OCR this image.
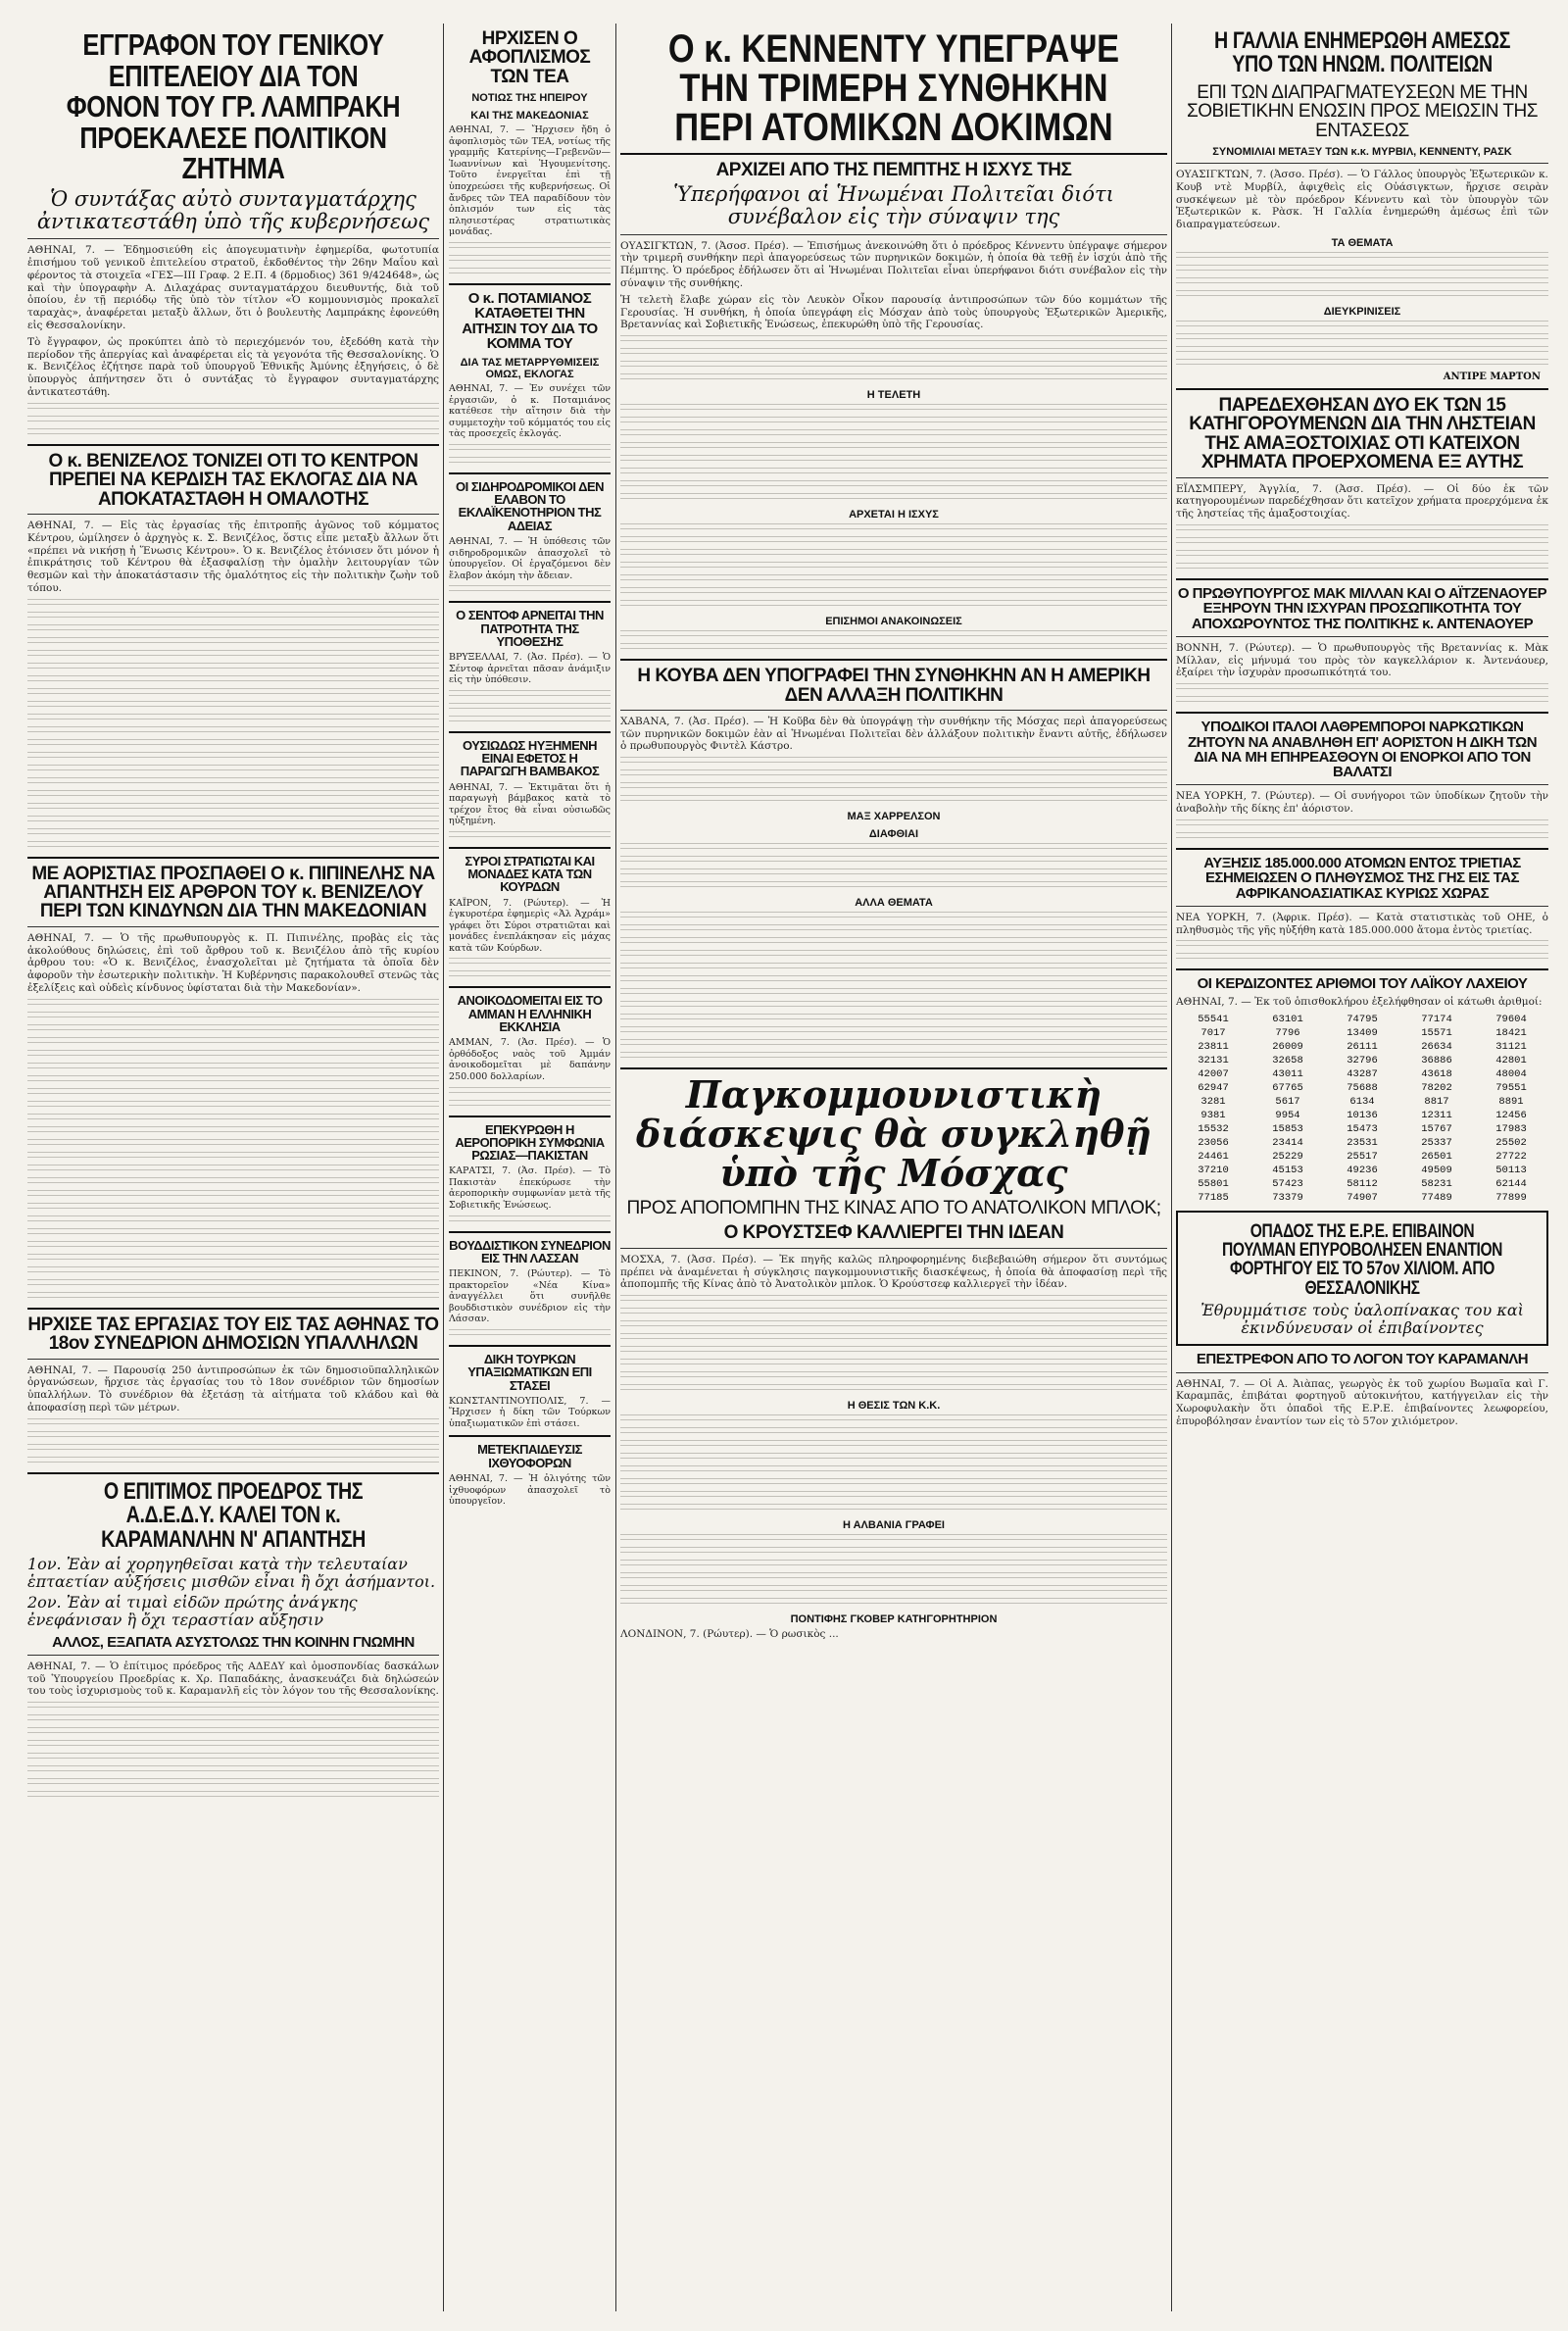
ΕΓΓΡΑΦΟΝ ΤΟΥ ΓΕΝΙΚΟΥ ΕΠΙΤΕΛΕΙΟΥ ΔΙΑ ΤΟΝ ΦΟΝΟΝ ΤΟΥ ΓΡ. ΛΑΜΠΡΑΚΗ ΠΡΟΕΚΑΛΕΣΕ ΠΟΛΙΤΙΚΟΝ ΖΗΤΗΜΑ
Ὁ συντάξας αὐτὸ συνταγματάρχης ἀντικατεστάθη ὑπὸ τῆς κυβερνήσεως

ΑΘΗΝΑΙ, 7. — Ἐδημοσιεύθη εἰς ἀπογευματινὴν ἐφημερίδα, φωτοτυπία ἐπισήμου τοῦ γενικοῦ ἐπιτελείου στρατοῦ, ἐκδοθέντος τὴν 26ην Μαΐου καὶ φέροντος τὰ στοιχεῖα «ΓΕΣ—ΙΙΙ Γραφ. 2 Ε.Π. 4 (δρμοδιος) 361 9/424648», ὡς καὶ τὴν ὑπογραφὴν Α. Διλαχάρας συνταγματάρχου διευθυντής, διὰ τοῦ ὁποίου, ἐν τῇ περιόδῳ τῆς ὑπὸ τὸν τίτλον «Ὁ κομμουνισμὸς προκαλεῖ ταραχὰς», ἀναφέρεται μεταξὺ ἄλλων, ὅτι ὁ βουλευτὴς Λαμπράκης ἐφονεύθη εἰς Θεσσαλονίκην.

Τὸ ἔγγραφον, ὡς προκύπτει ἀπὸ τὸ περιεχόμενόν του, ἐξεδόθη κατὰ τὴν περίοδον τῆς ἀπεργίας καὶ ἀναφέρεται εἰς τὰ γεγονότα τῆς Θεσσαλονίκης. Ὁ κ. Βενιζέλος ἐζήτησε παρὰ τοῦ ὑπουργοῦ Ἐθνικῆς Ἀμύνης ἐξηγήσεις, ὁ δὲ ὑπουργὸς ἀπήντησεν ὅτι ὁ συντάξας τὸ ἔγγραφον συνταγματάρχης ἀντικατεστάθη.

Ο κ. ΒΕΝΙΖΕΛΟΣ ΤΟΝΙΖΕΙ ΟΤΙ ΤΟ ΚΕΝΤΡΟΝ ΠΡΕΠΕΙ ΝΑ ΚΕΡΔΙΣΗ ΤΑΣ ΕΚΛΟΓΑΣ ΔΙΑ ΝΑ ΑΠΟΚΑΤΑΣΤΑΘΗ Η ΟΜΑΛΟΤΗΣ

ΑΘΗΝΑΙ, 7. — Εἰς τὰς ἐργασίας τῆς ἐπιτροπῆς ἀγῶνος τοῦ κόμματος Κέντρου, ὡμίλησεν ὁ ἀρχηγὸς κ. Σ. Βενιζέλος, ὅστις εἶπε μεταξὺ ἄλλων ὅτι «πρέπει νὰ νικήσῃ ἡ Ἕνωσις Κέντρου». Ὁ κ. Βενιζέλος ἐτόνισεν ὅτι μόνον ἡ ἐπικράτησις τοῦ Κέντρου θὰ ἐξασφαλίσῃ τὴν ὁμαλὴν λειτουργίαν τῶν θεσμῶν καὶ τὴν ἀποκατάστασιν τῆς ὁμαλότητος εἰς τὴν πολιτικὴν ζωὴν τοῦ τόπου.

ΜΕ ΑΟΡΙΣΤΙΑΣ ΠΡΟΣΠΑΘΕΙ Ο κ. ΠΙΠΙΝΕΛΗΣ ΝΑ ΑΠΑΝΤΗΣΗ ΕΙΣ ΑΡΘΡΟΝ ΤΟΥ κ. ΒΕΝΙΖΕΛΟΥ ΠΕΡΙ ΤΩΝ ΚΙΝΔΥΝΩΝ ΔΙΑ ΤΗΝ ΜΑΚΕΔΟΝΙΑΝ

ΑΘΗΝΑΙ, 7. — Ὁ τῆς πρωθυπουργὸς κ. Π. Πιπινέλης, προβὰς εἰς τὰς ἀκολούθους δηλώσεις, ἐπὶ τοῦ ἄρθρου τοῦ κ. Βενιζέλου ἀπὸ τῆς κυρίου ἀρθρου του: «Ὁ κ. Βενιζέλος, ἐνασχολεῖται μὲ ζητήματα τὰ ὁποῖα δὲν ἀφοροῦν τὴν ἐσωτερικὴν πολιτικὴν. Ἡ Κυβέρνησις παρακολουθεῖ στενῶς τὰς ἐξελίξεις καὶ οὐδεὶς κίνδυνος ὑφίσταται διὰ τὴν Μακεδονίαν».

ΗΡΧΙΣΕ ΤΑΣ ΕΡΓΑΣΙΑΣ ΤΟΥ ΕΙΣ ΤΑΣ ΑΘΗΝΑΣ ΤΟ 18ον ΣΥΝΕΔΡΙΟΝ ΔΗΜΟΣΙΩΝ ΥΠΑΛΛΗΛΩΝ

ΑΘΗΝΑΙ, 7. — Παρουσίᾳ 250 ἀντιπροσώπων ἐκ τῶν δημοσιοϋπαλληλικῶν ὀργανώσεων, ἤρχισε τὰς ἐργασίας του τὸ 18ον συνέδριον τῶν δημοσίων ὑπαλλήλων. Τὸ συνέδριον θὰ ἐξετάσῃ τὰ αἰτήματα τοῦ κλάδου καὶ θὰ ἀποφασίσῃ περὶ τῶν μέτρων.

Ο ΕΠΙΤΙΜΟΣ ΠΡΟΕΔΡΟΣ ΤΗΣ Α.Δ.Ε.Δ.Υ. ΚΑΛΕΙ ΤΟΝ κ. ΚΑΡΑΜΑΝΛΗΝ Ν' ΑΠΑΝΤΗΣΗ
1ον. Ἐὰν αἱ χορηγηθεῖσαι κατὰ τὴν τελευταίαν ἑπταετίαν αὐξήσεις μισθῶν εἶναι ἢ ὄχι ἀσήμαντοι.
2ον. Ἐὰν αἱ τιμαὶ εἰδῶν πρώτης ἀνάγκης ἐνεφάνισαν ἢ ὄχι τεραστίαν αὔξησιν
ΑΛΛΟΣ, ΕΞΑΠΑΤΑ ΑΣΥΣΤΟΛΩΣ ΤΗΝ ΚΟΙΝΗΝ ΓΝΩΜΗΝ

ΑΘΗΝΑΙ, 7. — Ὁ ἐπίτιμος πρόεδρος τῆς ΑΔΕΔΥ καὶ ὁμοσπονδίας δασκάλων τοῦ Ὑπουργείου Προεδρίας κ. Χρ. Παπαδάκης, ἀνασκευάζει διὰ δηλώσεών του τοὺς ἰσχυρισμοὺς τοῦ κ. Καραμανλῆ εἰς τὸν λόγον του τῆς Θεσσαλονίκης.

ΗΡΧΙΣΕΝ Ο ΑΦΟΠΛΙΣΜΟΣ ΤΩΝ ΤΕΑ
ΝΟΤΙΩΣ ΤΗΣ ΗΠΕΙΡΟΥ
ΚΑΙ ΤΗΣ ΜΑΚΕΔΟΝΙΑΣ

ΑΘΗΝΑΙ, 7. — Ἤρχισεν ἤδη ὁ ἀφοπλισμὸς τῶν ΤΕΑ, νοτίως τῆς γραμμῆς Κατερίνης—Γρεβενῶν—Ἰωαννίνων καὶ Ἡγουμενίτσης. Τοῦτο ἐνεργεῖται ἐπὶ τῇ ὑποχρεώσει τῆς κυβερνήσεως. Οἱ ἄνδρες τῶν ΤΕΑ παραδίδουν τὸν ὁπλισμόν των εἰς τὰς πλησιεστέρας στρατιωτικὰς μονάδας.

Ο κ. ΠΟΤΑΜΙΑΝΟΣ ΚΑΤΑΘΕΤΕΙ ΤΗΝ ΑΙΤΗΣΙΝ ΤΟΥ ΔΙΑ ΤΟ ΚΟΜΜΑ ΤΟΥ
ΔΙΑ ΤΑΣ ΜΕΤΑΡΡΥΘΜΙΣΕΙΣ ΟΜΩΣ, ΕΚΛΟΓΑΣ

ΑΘΗΝΑΙ, 7. — Ἐν συνέχει τῶν ἐργασιῶν, ὁ κ. Ποταμιάνος κατέθεσε τὴν αἴτησιν διὰ τὴν συμμετοχὴν τοῦ κόμματός του εἰς τὰς προσεχεῖς ἐκλογάς.

ΟΙ ΣΙΔΗΡΟΔΡΟΜΙΚΟΙ ΔΕΝ ΕΛΑΒΟΝ ΤΟ ΕΚΛΑΪΚΕΝΟΤΗΡΙΟΝ ΤΗΣ ΑΔΕΙΑΣ

ΑΘΗΝΑΙ, 7. — Ἡ ὑπόθεσις τῶν σιδηροδρομικῶν ἀπασχολεῖ τὸ ὑπουργεῖον. Οἱ ἐργαζόμενοι δὲν ἔλαβον ἀκόμη τὴν ἄδειαν.

Ο ΣΕΝΤΟΦ ΑΡΝΕΙΤΑΙ ΤΗΝ ΠΑΤΡΟΤΗΤΑ ΤΗΣ ΥΠΟΘΕΣΗΣ

ΒΡΥΞΕΛΛΑΙ, 7. (Ἀσ. Πρέσ). — Ὁ Σέντοφ ἀρνεῖται πᾶσαν ἀνάμιξιν εἰς τὴν ὑπόθεσιν.

ΟΥΣΙΩΔΩΣ ΗΥΞΗΜΕΝΗ ΕΙΝΑΙ ΕΦΕΤΟΣ Η ΠΑΡΑΓΩΓΗ ΒΑΜΒΑΚΟΣ

ΑΘΗΝΑΙ, 7. — Ἐκτιμᾶται ὅτι ἡ παραγωγὴ βάμβακος κατὰ τὸ τρέχον ἔτος θὰ εἶναι οὐσιωδῶς ηὐξημένη.

ΣΥΡΟΙ ΣΤΡΑΤΙΩΤΑΙ ΚΑΙ ΜΟΝΑΔΕΣ ΚΑΤΑ ΤΩΝ ΚΟΥΡΔΩΝ

ΚΑΪΡΟΝ, 7. (Ρώυτερ). — Ἡ ἐγκυροτέρα ἐφημερὶς «Ἀλ Ἀχράμ» γράφει ὅτι Σύροι στρατιῶται καὶ μονάδες ἐνεπλάκησαν εἰς μάχας κατὰ τῶν Κούρδων.

ΑΝΟΙΚΟΔΟΜΕΙΤΑΙ ΕΙΣ ΤΟ ΑΜΜΑΝ Η ΕΛΛΗΝΙΚΗ ΕΚΚΛΗΣΙΑ

ΑΜΜΑΝ, 7. (Ἀσ. Πρέσ). — Ὁ ὀρθόδοξος ναὸς τοῦ Ἀμμάν ἀνοικοδομεῖται μὲ δαπάνην 250.000 δολλαρίων.

ΕΠΕΚΥΡΩΘΗ Η ΑΕΡΟΠΟΡΙΚΗ ΣΥΜΦΩΝΙΑ ΡΩΣΙΑΣ—ΠΑΚΙΣΤΑΝ

ΚΑΡΑΤΣΙ, 7. (Ἀσ. Πρέσ). — Τὸ Πακιστὰν ἐπεκύρωσε τὴν ἀεροπορικὴν συμφωνίαν μετὰ τῆς Σοβιετικῆς Ἑνώσεως.

ΒΟΥΔΔΙΣΤΙΚΟΝ ΣΥΝΕΔΡΙΟΝ ΕΙΣ ΤΗΝ ΛΑΣΣΑΝ

ΠΕΚΙΝΟΝ, 7. (Ρώυτερ). — Τὸ πρακτορεῖον «Νέα Κίνα» ἀναγγέλλει ὅτι συνῆλθε βουδδιστικὸν συνέδριον εἰς τὴν Λάσσαν.

ΔΙΚΗ ΤΟΥΡΚΩΝ ΥΠΑΞΙΩΜΑΤΙΚΩΝ ΕΠΙ ΣΤΑΣΕΙ

ΚΩΝΣΤΑΝΤΙΝΟΥΠΟΛΙΣ, 7. — Ἤρχισεν ἡ δίκη τῶν Τούρκων ὑπαξιωματικῶν ἐπὶ στάσει.

ΜΕΤΕΚΠΑΙΔΕΥΣΙΣ ΙΧΘΥΟΦΟΡΩΝ

ΑΘΗΝΑΙ, 7. — Ἡ ὀλιγότης τῶν ἰχθυοφόρων ἀπασχολεῖ τὸ ὑπουργεῖον.

Ο κ. ΚΕΝΝΕΝΤΥ ΥΠΕΓΡΑΨΕ ΤΗΝ ΤΡΙΜΕΡΗ ΣΥΝΘΗΚΗΝ ΠΕΡΙ ΑΤΟΜΙΚΩΝ ΔΟΚΙΜΩΝ
ΑΡΧΙΖΕΙ ΑΠΟ ΤΗΣ ΠΕΜΠΤΗΣ Η ΙΣΧΥΣ ΤΗΣ
Ὑπερήφανοι αἱ Ἡνωμέναι Πολιτεῖαι διότι συνέβαλον εἰς τὴν σύναψιν της

ΟΥΑΣΙΓΚΤΩΝ, 7. (Ἀσοσ. Πρέσ). — Ἐπισήμως ἀνεκοινώθη ὅτι ὁ πρόεδρος Κέννεντυ ὑπέγραψε σήμερον τὴν τριμερῆ συνθήκην περὶ ἀπαγορεύσεως τῶν πυρηνικῶν δοκιμῶν, ἡ ὁποία θὰ τεθῇ ἐν ἰσχύι ἀπὸ τῆς Πέμπτης. Ὁ πρόεδρος ἐδήλωσεν ὅτι αἱ Ἡνωμέναι Πολιτεῖαι εἶναι ὑπερήφανοι διότι συνέβαλον εἰς τὴν σύναψιν τῆς συνθήκης.

Ἡ τελετὴ ἔλαβε χώραν εἰς τὸν Λευκὸν Οἶκον παρουσίᾳ ἀντιπροσώπων τῶν δύο κομμάτων τῆς Γερουσίας. Ἡ συνθήκη, ἡ ὁποία ὑπεγράφη εἰς Μόσχαν ἀπὸ τοὺς ὑπουργοὺς Ἐξωτερικῶν Ἀμερικῆς, Βρεταννίας καὶ Σοβιετικῆς Ἑνώσεως, ἐπεκυρώθη ὑπὸ τῆς Γερουσίας.

Η ΤΕΛΕΤΗ
ΑΡΧΕΤΑΙ Η ΙΣΧΥΣ
ΕΠΙΣΗΜΟΙ ΑΝΑΚΟΙΝΩΣΕΙΣ
Η ΚΟΥΒΑ ΔΕΝ ΥΠΟΓΡΑΦΕΙ ΤΗΝ ΣΥΝΘΗΚΗΝ ΑΝ Η ΑΜΕΡΙΚΗ ΔΕΝ ΑΛΛΑΞΗ ΠΟΛΙΤΙΚΗΝ

ΧΑΒΑΝΑ, 7. (Ἀσ. Πρέσ). — Ἡ Κοῦβα δὲν θὰ ὑπογράψῃ τὴν συνθήκην τῆς Μόσχας περὶ ἀπαγορεύσεως τῶν πυρηνικῶν δοκιμῶν ἐὰν αἱ Ἡνωμέναι Πολιτεῖαι δὲν ἀλλάξουν πολιτικὴν ἔναντι αὐτῆς, ἐδήλωσεν ὁ πρωθυπουργὸς Φιντὲλ Κάστρο.

ΜΑΞ ΧΑΡΡΕΛΣΟΝ
ΔΙΑΦΘΙΑΙ
ΑΛΛΑ ΘΕΜΑΤΑ
Παγκομμουνιστικὴ διάσκεψις θὰ συγκληθῇ ὑπὸ τῆς Μόσχας
ΠΡΟΣ ΑΠΟΠΟΜΠΗΝ ΤΗΣ ΚΙΝΑΣ ΑΠΟ ΤΟ ΑΝΑΤΟΛΙΚΟΝ ΜΠΛΟΚ;
Ο ΚΡΟΥΣΤΣΕΦ ΚΑΛΛΙΕΡΓΕΙ ΤΗΝ ΙΔΕΑΝ

ΜΟΣΧΑ, 7. (Ἀσσ. Πρέσ). — Ἐκ πηγῆς καλῶς πληροφορημένης διεβεβαιώθη σήμερον ὅτι συντόμως πρέπει νὰ ἀναμένεται ἡ σύγκλησις παγκομμουνιστικῆς διασκέψεως, ἡ ὁποία θὰ ἀποφασίσῃ περὶ τῆς ἀποπομπῆς τῆς Κίνας ἀπὸ τὸ Ἀνατολικὸν μπλοκ. Ὁ Κρούστσεφ καλλιεργεῖ τὴν ἰδέαν.

Η ΘΕΣΙΣ ΤΩΝ Κ.Κ.
Η ΑΛΒΑΝΙΑ ΓΡΑΦΕΙ
ΠΟΝΤΙΦΗΣ ΓΚΟΒΕΡ ΚΑΤΗΓΟΡΗΤΗΡΙΟΝ

ΛΟΝΔΙΝΟΝ, 7. (Ρώυτερ). — Ὁ ρωσικὸς ...

Η ΓΑΛΛΙΑ ΕΝΗΜΕΡΩΘΗ ΑΜΕΣΩΣ ΥΠΟ ΤΩΝ ΗΝΩΜ. ΠΟΛΙΤΕΙΩΝ
ΕΠΙ ΤΩΝ ΔΙΑΠΡΑΓΜΑΤΕΥΣΕΩΝ ΜΕ ΤΗΝ ΣΟΒΙΕΤΙΚΗΝ ΕΝΩΣΙΝ ΠΡΟΣ ΜΕΙΩΣΙΝ ΤΗΣ ΕΝΤΑΣΕΩΣ
ΣΥΝΟΜΙΛΙΑΙ ΜΕΤΑΞΥ ΤΩΝ κ.κ. ΜΥΡΒΙΛ, ΚΕΝΝΕΝΤΥ, ΡΑΣΚ

ΟΥΑΣΙΓΚΤΩΝ, 7. (Ἀσσο. Πρέσ). — Ὁ Γάλλος ὑπουργὸς Ἐξωτερικῶν κ. Κουβ ντὲ Μυρβίλ, ἀφιχθεὶς εἰς Οὐάσιγκτων, ἤρχισε σειρὰν συσκέψεων μὲ τὸν πρόεδρον Κέννεντυ καὶ τὸν ὑπουργὸν τῶν Ἐξωτερικῶν κ. Ρὰσκ. Ἡ Γαλλία ἐνημερώθη ἀμέσως ἐπὶ τῶν διαπραγματεύσεων.

ΤΑ ΘΕΜΑΤΑ
ΔΙΕΥΚΡΙΝΙΣΕΙΣ
ΑΝΤΙΡΕ ΜΑΡΤΟΝ
ΠΑΡΕΔΕΧΘΗΣΑΝ ΔΥΟ ΕΚ ΤΩΝ 15 ΚΑΤΗΓΟΡΟΥΜΕΝΩΝ ΔΙΑ ΤΗΝ ΛΗΣΤΕΙΑΝ ΤΗΣ ΑΜΑΞΟΣΤΟΙΧΙΑΣ ΟΤΙ ΚΑΤΕΙΧΟΝ ΧΡΗΜΑΤΑ ΠΡΟΕΡΧΟΜΕΝΑ ΕΞ ΑΥΤΗΣ

ΕΪΛΣΜΠΕΡΥ, Ἀγγλία, 7. (Ἀσσ. Πρέσ). — Οἱ δύο ἐκ τῶν κατηγορουμένων παρεδέχθησαν ὅτι κατεῖχον χρήματα προερχόμενα ἐκ τῆς ληστείας τῆς ἀμαξοστοιχίας.

Ο ΠΡΩΘΥΠΟΥΡΓΟΣ ΜΑΚ ΜΙΛΛΑΝ ΚΑΙ Ο ΑΪΤΖΕΝΑΟΥΕΡ ΕΞΗΡΟΥΝ ΤΗΝ ΙΣΧΥΡΑΝ ΠΡΟΣΩΠΙΚΟΤΗΤΑ ΤΟΥ ΑΠΟΧΩΡΟΥΝΤΟΣ ΤΗΣ ΠΟΛΙΤΙΚΗΣ κ. ΑΝΤΕΝΑΟΥΕΡ

ΒΟΝΝΗ, 7. (Ρώυτερ). — Ὁ πρωθυπουργὸς τῆς Βρεταννίας κ. Μὰκ Μίλλαν, εἰς μήνυμά του πρὸς τὸν καγκελλάριον κ. Ἀντενάουερ, ἐξαίρει τὴν ἰσχυρὰν προσωπικότητά του.

ΥΠΟΔΙΚΟΙ ΙΤΑΛΟΙ ΛΑΘΡΕΜΠΟΡΟΙ ΝΑΡΚΩΤΙΚΩΝ ΖΗΤΟΥΝ ΝΑ ΑΝΑΒΛΗΘΗ ΕΠ' ΑΟΡΙΣΤΟΝ Η ΔΙΚΗ ΤΩΝ ΔΙΑ ΝΑ ΜΗ ΕΠΗΡΕΑΣΘΟΥΝ ΟΙ ΕΝΟΡΚΟΙ ΑΠΟ ΤΟΝ ΒΑΛΑΤΣΙ

ΝΕΑ ΥΟΡΚΗ, 7. (Ρώυτερ). — Οἱ συνήγοροι τῶν ὑποδίκων ζητοῦν τὴν ἀναβολὴν τῆς δίκης ἐπ' ἀόριστον.

ΑΥΞΗΣΙΣ 185.000.000 ΑΤΟΜΩΝ ΕΝΤΟΣ ΤΡΙΕΤΙΑΣ ΕΣΗΜΕΙΩΣΕΝ Ο ΠΛΗΘΥΣΜΟΣ ΤΗΣ ΓΗΣ ΕΙΣ ΤΑΣ ΑΦΡΙΚΑΝΟΑΣΙΑΤΙΚΑΣ ΚΥΡΙΩΣ ΧΩΡΑΣ

ΝΕΑ ΥΟΡΚΗ, 7. (Ἀφρικ. Πρέσ). — Κατὰ στατιστικὰς τοῦ ΟΗΕ, ὁ πληθυσμὸς τῆς γῆς ηὐξήθη κατὰ 185.000.000 ἄτομα ἐντὸς τριετίας.

ΟΙ ΚΕΡΔΙΖΟΝΤΕΣ ΑΡΙΘΜΟΙ ΤΟΥ ΛΑΪΚΟΥ ΛΑΧΕΙΟΥ

ΑΘΗΝΑΙ, 7. — Ἐκ τοῦ ὁπισθοκλήρου ἐξελήφθησαν οἱ κάτωθι ἀριθμοί:

55541	63101	74795	77174	79604
7017	7796	13409	15571	18421
23811	26009	26111	26634	31121
32131	32658	32796	36886	42801
42007	43011	43287	43618	48004
62947	67765	75688	78202	79551
3281	5617	6134	8817	8891
9381	9954	10136	12311	12456
15532	15853	15473	15767	17983
23056	23414	23531	25337	25502
24461	25229	25517	26501	27722
37210	45153	49236	49509	50113
55801	57423	58112	58231	62144
77185	73379	74907	77489	77899
ΟΠΑΔΟΣ ΤΗΣ Ε.Ρ.Ε. ΕΠΙΒΑΙΝΟΝ ΠΟΥΛΜΑΝ ΕΠΥΡΟΒΟΛΗΣΕΝ ΕΝΑΝΤΙΟΝ ΦΟΡΤΗΓΟΥ ΕΙΣ ΤΟ 57ον ΧΙΛΙΟΜ. ΑΠΟ ΘΕΣΣΑΛΟΝΙΚΗΣ
Ἐθρυμμάτισε τοὺς ὑαλοπίνακας του καὶ ἐκινδύνευσαν οἱ ἐπιβαίνοντες
ΕΠΕΣΤΡΕΦΟΝ ΑΠΟ ΤΟ ΛΟΓΟΝ ΤΟΥ ΚΑΡΑΜΑΝΛΗ

ΑΘΗΝΑΙ, 7. — Οἱ Α. Ἀιὰπας, γεωργὸς ἐκ τοῦ χωρίου Βωμαῖα καὶ Γ. Καραμπᾶς, ἐπιβάται φορτηγοῦ αὐτοκινήτου, κατήγγειλαν εἰς τὴν Χωροφυλακὴν ὅτι ὀπαδοὶ τῆς Ε.Ρ.Ε. ἐπιβαίνοντες λεωφορείου, ἐπυροβόλησαν ἐναντίον των εἰς τὸ 57ον χιλιόμετρον.
